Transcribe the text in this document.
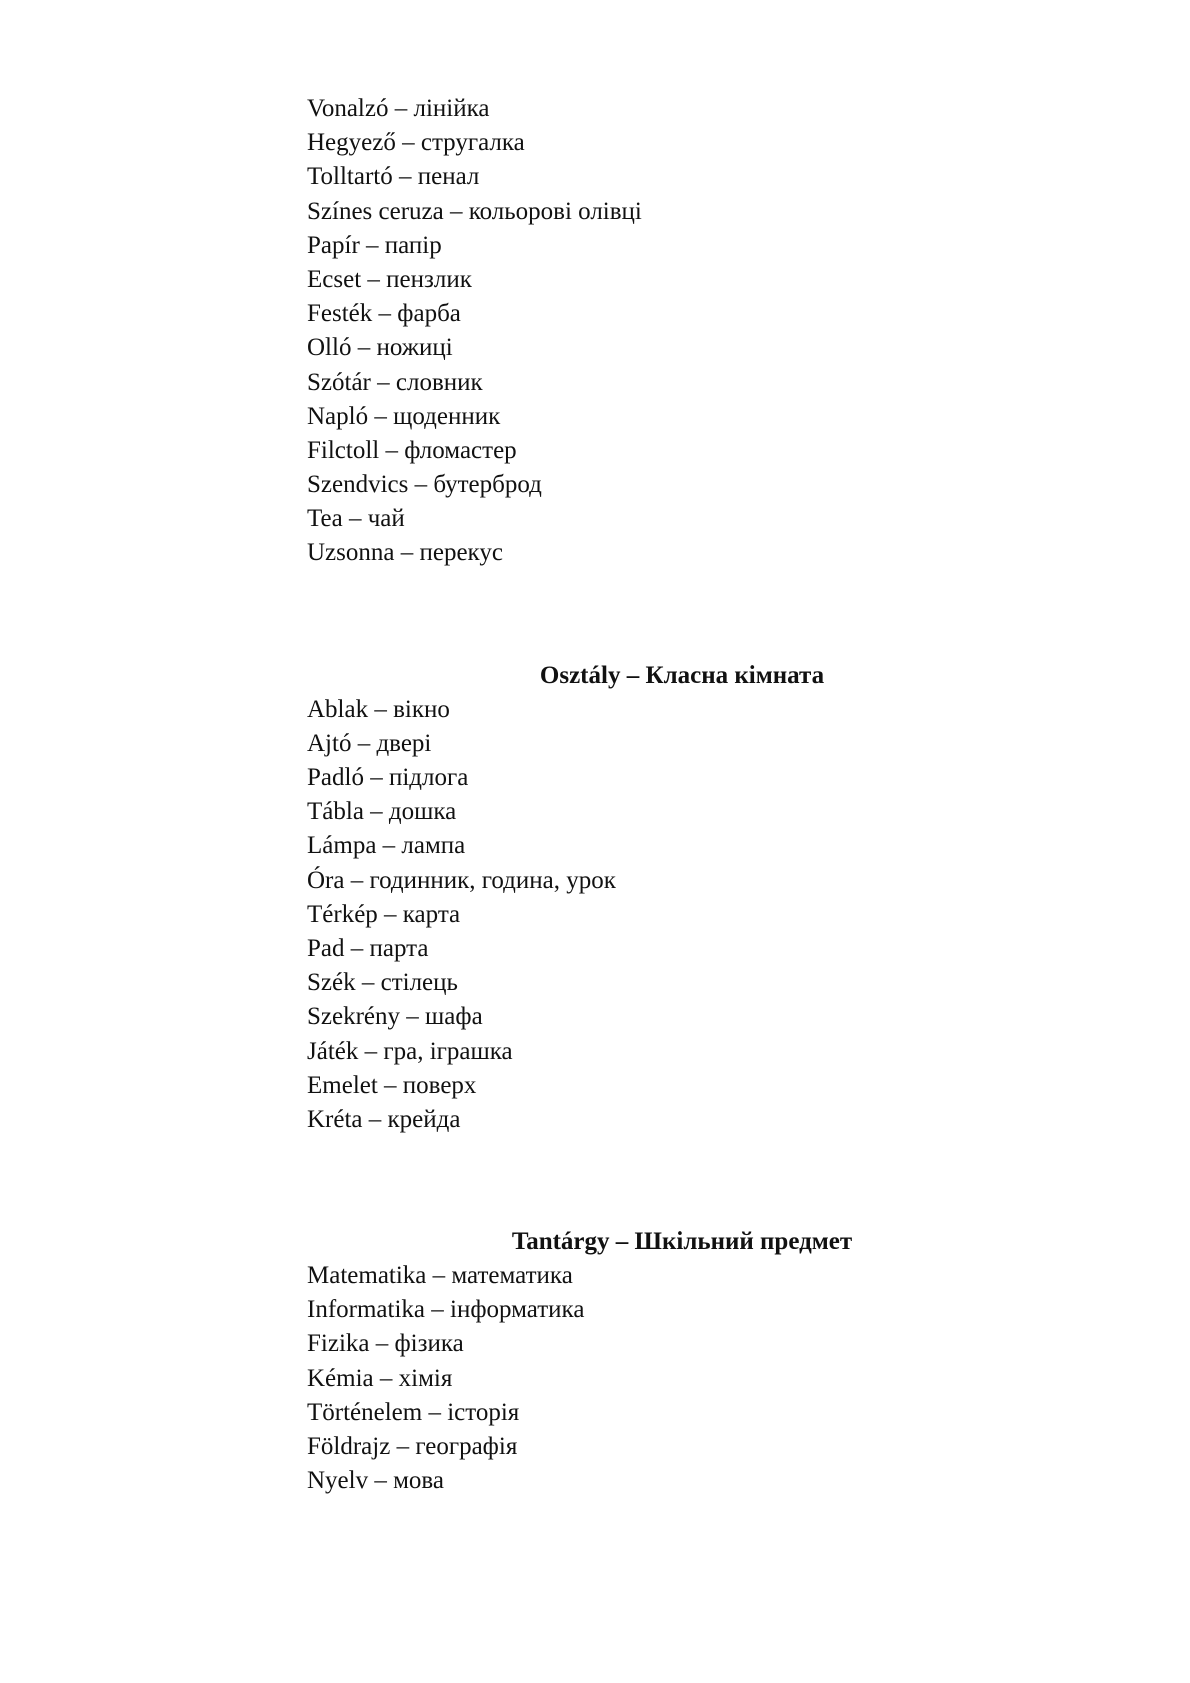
Vonalzó – лінійка
Hegyező – стругалка
Tolltartó – пенал
Színes ceruza – кольорові олівці
Papír – папір
Ecset – пензлик
Festék – фарба
Olló – ножиці
Szótár – словник
Napló – щоденник
Filctoll – фломастер
Szendvics – бутерброд
Tea – чай
Uzsonna – перекус
Osztály – Класна кімната
Ablak – вікно
Ajtó – двері
Padló – підлога
Tábla – дошка
Lámpa – лампа
Óra – годинник, година, урок
Térkép – карта
Pad – парта
Szék – стілець
Szekrény – шафа
Játék – гра, іграшка
Emelet – поверх
Kréta – крейда
Tantárgy – Шкільний предмет
Matematika – математика
Informatika – інформатика
Fizika – фізика
Kémia – хімія
Történelem – історія
Földrajz – географія
Nyelv – мова
